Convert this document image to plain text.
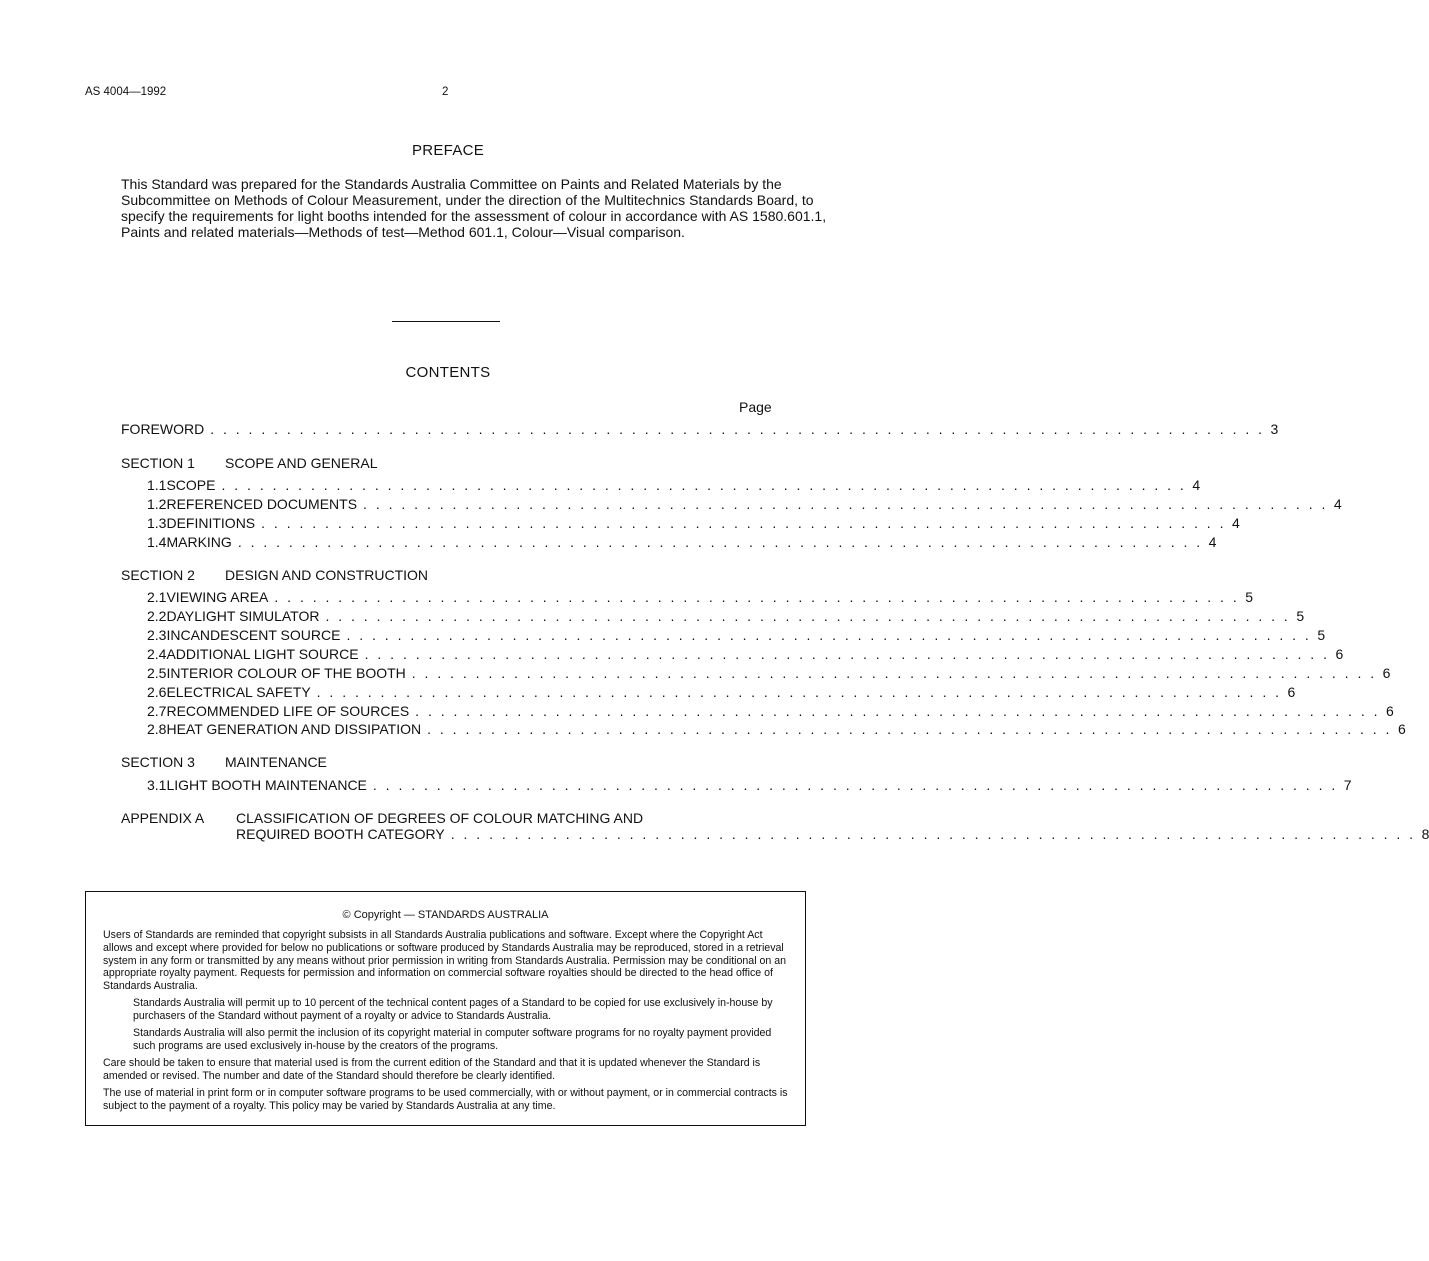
AS 4004—1992	2
PREFACE
This Standard was prepared for the Standards Australia Committee on Paints and Related Materials by the Subcommittee on Methods of Colour Measurement, under the direction of the Multitechnics Standards Board, to specify the requirements for light booths intended for the assessment of colour in accordance with AS 1580.601.1, Paints and related materials—Methods of test—Method 601.1, Colour—Visual comparison.
CONTENTS
Page
FOREWORD . . . . . . . . . . . . . . . . . . . . . . . . . . . . . . . . . . . . . . . . . . . . . . . . . . . . . . . . . . . . . . . . . . . . . . . . . . . . . . . . . . . 3
SECTION 1 SCOPE AND GENERAL
1.1 SCOPE . . . . . . . . . . . . . . . . . . . . . . . . . . . . . . . . . . . . . . . . . . . . . . . . . . . . . . . . . . . . . . . . . . . . . . . . . . . . 4
1.2 REFERENCED DOCUMENTS . . . . . . . . . . . . . . . . . . . . . . . . . . . . . . . . . . . . . . . . . . . . . . . . . . . . . . . . . . . . . . . . . . . . . . . . . . . . 4
1.3 DEFINITIONS . . . . . . . . . . . . . . . . . . . . . . . . . . . . . . . . . . . . . . . . . . . . . . . . . . . . . . . . . . . . . . . . . . . . . . . . . . . . 4
1.4 MARKING . . . . . . . . . . . . . . . . . . . . . . . . . . . . . . . . . . . . . . . . . . . . . . . . . . . . . . . . . . . . . . . . . . . . . . . . . . . . 4
SECTION 2 DESIGN AND CONSTRUCTION
2.1 VIEWING AREA . . . . . . . . . . . . . . . . . . . . . . . . . . . . . . . . . . . . . . . . . . . . . . . . . . . . . . . . . . . . . . . . . . . . . . . . . . . . 5
2.2 DAYLIGHT SIMULATOR . . . . . . . . . . . . . . . . . . . . . . . . . . . . . . . . . . . . . . . . . . . . . . . . . . . . . . . . . . . . . . . . . . . . . . . . . . . . 5
2.3 INCANDESCENT SOURCE . . . . . . . . . . . . . . . . . . . . . . . . . . . . . . . . . . . . . . . . . . . . . . . . . . . . . . . . . . . . . . . . . . . . . . . . . . . . 5
2.4 ADDITIONAL LIGHT SOURCE . . . . . . . . . . . . . . . . . . . . . . . . . . . . . . . . . . . . . . . . . . . . . . . . . . . . . . . . . . . . . . . . . . . . . . . . . . . . 6
2.5 INTERIOR COLOUR OF THE BOOTH . . . . . . . . . . . . . . . . . . . . . . . . . . . . . . . . . . . . . . . . . . . . . . . . . . . . . . . . . . . . . . . . . . . . . . . . . . . . 6
2.6 ELECTRICAL SAFETY . . . . . . . . . . . . . . . . . . . . . . . . . . . . . . . . . . . . . . . . . . . . . . . . . . . . . . . . . . . . . . . . . . . . . . . . . . . . 6
2.7 RECOMMENDED LIFE OF SOURCES . . . . . . . . . . . . . . . . . . . . . . . . . . . . . . . . . . . . . . . . . . . . . . . . . . . . . . . . . . . . . . . . . . . . . . . . . . . . 6
2.8 HEAT GENERATION AND DISSIPATION . . . . . . . . . . . . . . . . . . . . . . . . . . . . . . . . . . . . . . . . . . . . . . . . . . . . . . . . . . . . . . . . . . . . . . . . . . . . 6
SECTION 3 MAINTENANCE
3.1 LIGHT BOOTH MAINTENANCE . . . . . . . . . . . . . . . . . . . . . . . . . . . . . . . . . . . . . . . . . . . . . . . . . . . . . . . . . . . . . . . . . . . . . . . . . . . . 7
APPENDIX A CLASSIFICATION OF DEGREES OF COLOUR MATCHING AND
REQUIRED BOOTH CATEGORY . . . . . . . . . . . . . . . . . . . . . . . . . . . . . . . . . . . . . . . . . . . . . . . . . . . . . . . . . . . . . . . . . . . . . . . . . . . . 8
© Copyright — STANDARDS AUSTRALIA
Users of Standards are reminded that copyright subsists in all Standards Australia publications and software. Except where the Copyright Act allows and except where provided for below no publications or software produced by Standards Australia may be reproduced, stored in a retrieval system in any form or transmitted by any means without prior permission in writing from Standards Australia. Permission may be conditional on an appropriate royalty payment. Requests for permission and information on commercial software royalties should be directed to the head office of Standards Australia.
Standards Australia will permit up to 10 percent of the technical content pages of a Standard to be copied for use exclusively in-house by purchasers of the Standard without payment of a royalty or advice to Standards Australia.
Standards Australia will also permit the inclusion of its copyright material in computer software programs for no royalty payment provided such programs are used exclusively in-house by the creators of the programs.
Care should be taken to ensure that material used is from the current edition of the Standard and that it is updated whenever the Standard is amended or revised. The number and date of the Standard should therefore be clearly identified.
The use of material in print form or in computer software programs to be used commercially, with or without payment, or in commercial contracts is subject to the payment of a royalty. This policy may be varied by Standards Australia at any time.
